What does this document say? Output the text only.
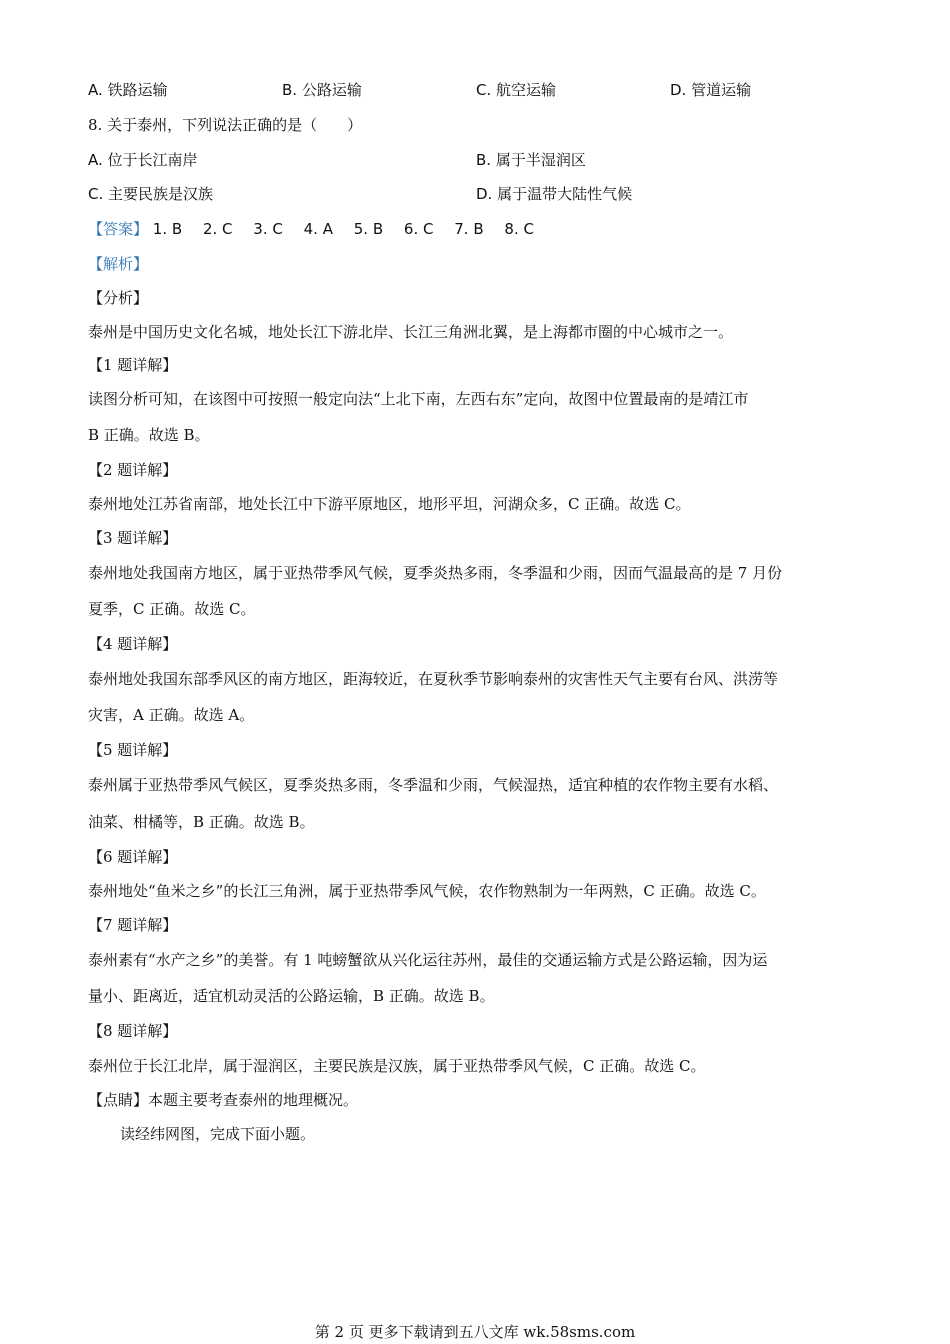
A. 铁路运输	B. 公路运输	C. 航空运输	D. 管道运输
8. 关于泰州，下列说法正确的是（　　）
A. 位于长江南岸	B. 属于半湿润区
C. 主要民族是汉族	D. 属于温带大陆性气候
【答案】 1. B 2. C 3. C 4. A 5. B 6. C 7. B 8. C
【解析】
【分析】
泰州是中国历史文化名城，地处长江下游北岸、长江三角洲北翼，是上海都市圈的中心城市之一。
【1 题详解】
读图分析可知，在该图中可按照一般定向法“上北下南，左西右东”定向，故图中位置最南的是靖江市
B 正确。故选 B。
【2 题详解】
泰州地处江苏省南部，地处长江中下游平原地区，地形平坦，河湖众多，C 正确。故选 C。
【3 题详解】
泰州地处我国南方地区，属于亚热带季风气候，夏季炎热多雨，冬季温和少雨，因而气温最高的是 7 月份
夏季，C 正确。故选 C。
【4 题详解】
泰州地处我国东部季风区的南方地区，距海较近，在夏秋季节影响泰州的灾害性天气主要有台风、洪涝等
灾害，A 正确。故选 A。
【5 题详解】
泰州属于亚热带季风气候区，夏季炎热多雨，冬季温和少雨，气候湿热，适宜种植的农作物主要有水稻、
油菜、柑橘等，B 正确。故选 B。
【6 题详解】
泰州地处“鱼米之乡”的长江三角洲，属于亚热带季风气候，农作物熟制为一年两熟，C 正确。故选 C。
【7 题详解】
泰州素有“水产之乡”的美誉。有 1 吨螃蟹欲从兴化运往苏州，最佳的交通运输方式是公路运输，因为运
量小、距离近，适宜机动灵活的公路运输，B 正确。故选 B。
【8 题详解】
泰州位于长江北岸，属于湿润区，主要民族是汉族，属于亚热带季风气候，C 正确。故选 C。
【点睛】本题主要考查泰州的地理概况。
读经纬网图，完成下面小题。
第 2 页 更多下载请到五八文库 wk.58sms.com
